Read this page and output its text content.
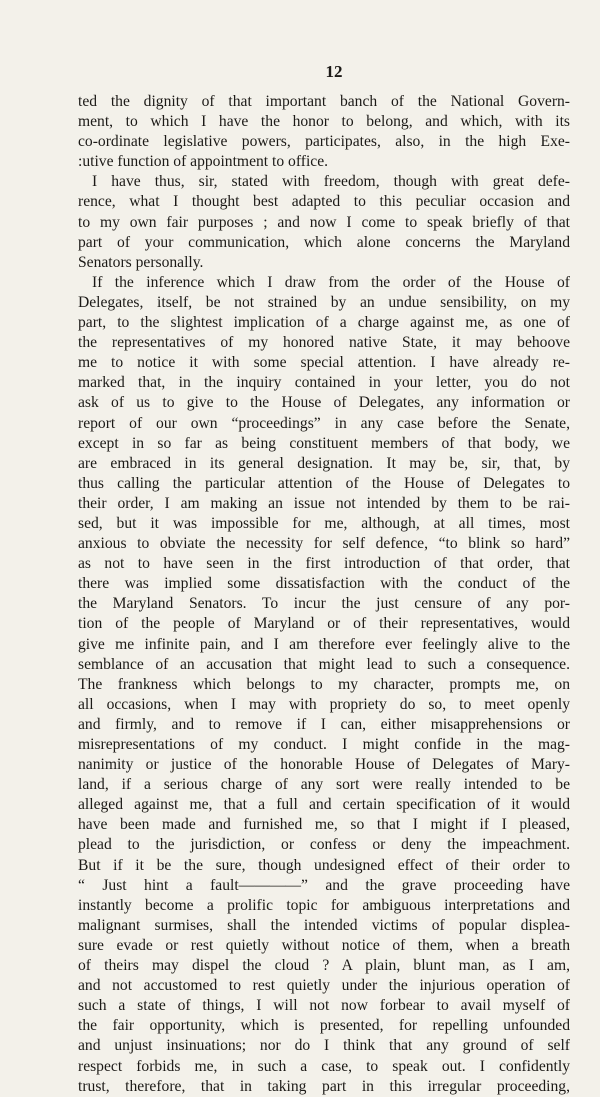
12
ted the dignity of that important banch of the National Govern-
ment, to which I have the honor to belong, and which, with its
co-ordinate legislative powers, participates, also, in the high Exe-
:utive function of appointment to office.
I have thus, sir, stated with freedom, though with great defe-
rence, what I thought best adapted to this peculiar occasion and
to my own fair purposes ; and now I come to speak briefly of that
part of your communication, which alone concerns the Maryland
Senators personally.
If the inference which I draw from the order of the House of
Delegates, itself, be not strained by an undue sensibility, on my
part, to the slightest implication of a charge against me, as one of
the representatives of my honored native State, it may behoove
me to notice it with some special attention. I have already re-
marked that, in the inquiry contained in your letter, you do not
ask of us to give to the House of Delegates, any information or
report of our own “proceedings” in any case before the Senate,
except in so far as being constituent members of that body, we
are embraced in its general designation. It may be, sir, that, by
thus calling the particular attention of the House of Delegates to
their order, I am making an issue not intended by them to be rai-
sed, but it was impossible for me, although, at all times, most
anxious to obviate the necessity for self defence, “to blink so hard”
as not to have seen in the first introduction of that order, that
there was implied some dissatisfaction with the conduct of the
the Maryland Senators. To incur the just censure of any por-
tion of the people of Maryland or of their representatives, would
give me infinite pain, and I am therefore ever feelingly alive to the
semblance of an accusation that might lead to such a consequence.
The frankness which belongs to my character, prompts me, on
all occasions, when I may with propriety do so, to meet openly
and firmly, and to remove if I can, either misapprehensions or
misrepresentations of my conduct. I might confide in the mag-
nanimity or justice of the honorable House of Delegates of Mary-
land, if a serious charge of any sort were really intended to be
alleged against me, that a full and certain specification of it would
have been made and furnished me, so that I might if I pleased,
plead to the jurisdiction, or confess or deny the impeachment.
But if it be the sure, though undesigned effect of their order to
“ Just hint a fault————” and the grave proceeding have
instantly become a prolific topic for ambiguous interpretations and
malignant surmises, shall the intended victims of popular displea-
sure evade or rest quietly without notice of them, when a breath
of theirs may dispel the cloud ? A plain, blunt man, as I am,
and not accustomed to rest quietly under the injurious operation of
such a state of things, I will not now forbear to avail myself of
the fair opportunity, which is presented, for repelling unfounded
and unjust insinuations; nor do I think that any ground of self
respect forbids me, in such a case, to speak out. I confidently
trust, therefore, that in taking part in this irregular proceeding,
